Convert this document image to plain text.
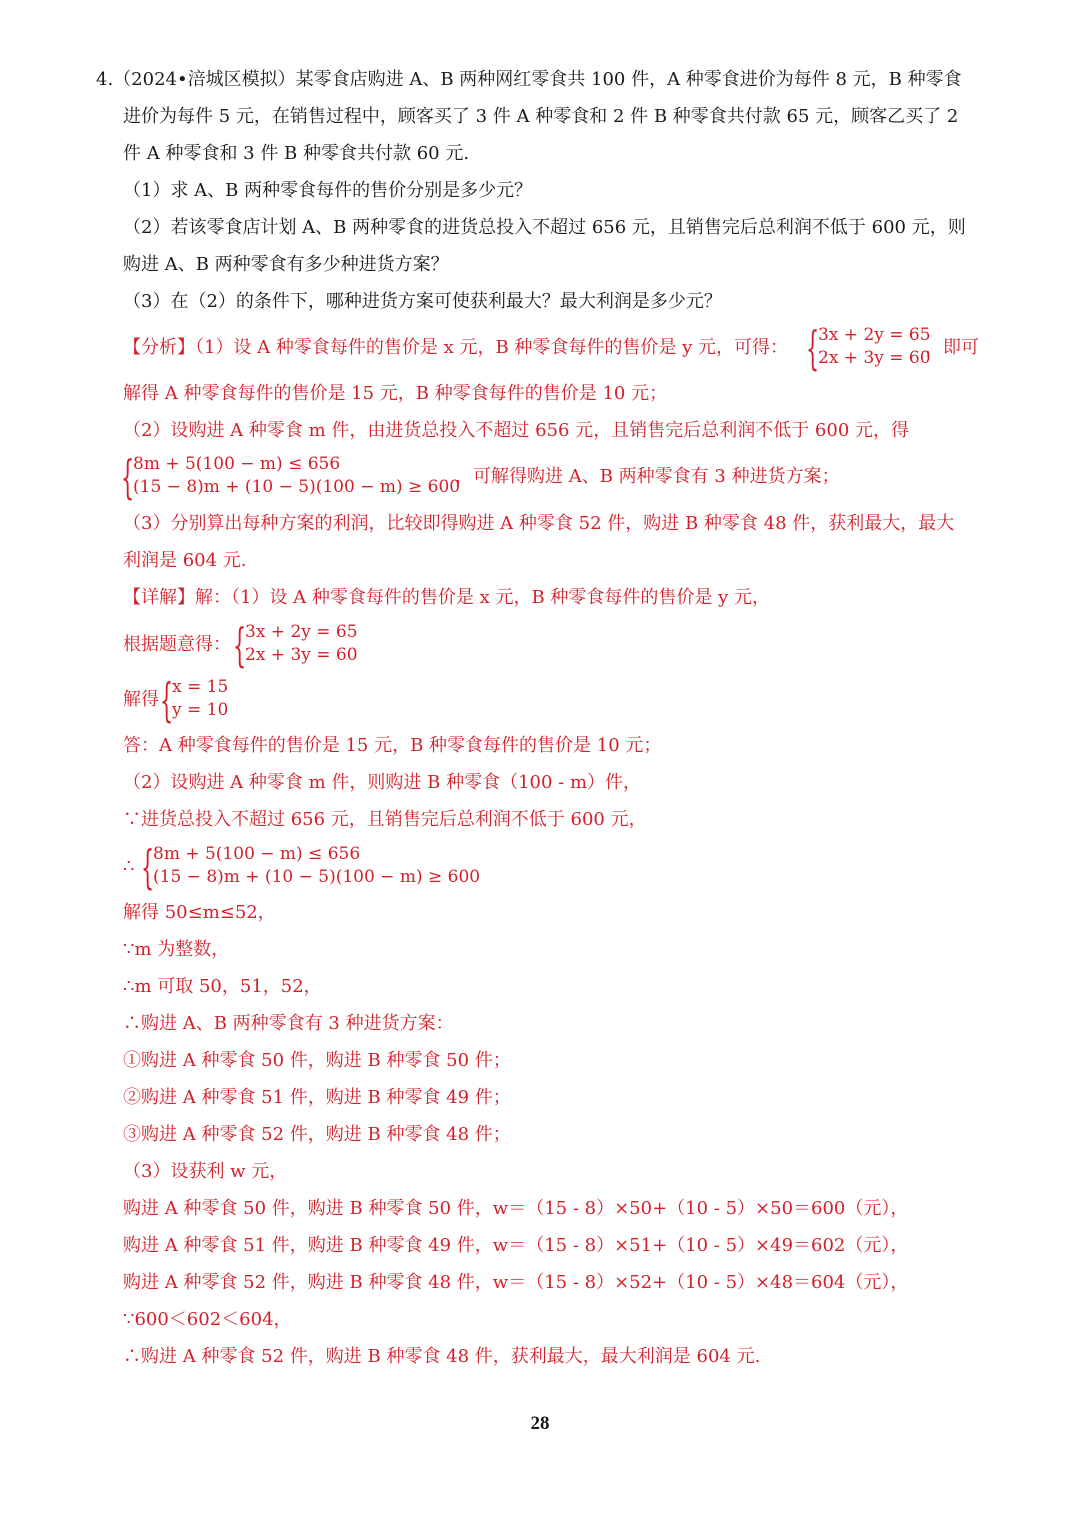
4.（2024•涪城区模拟）某零食店购进 A、B 两种网红零食共 100 件，A 种零食进价为每件 8 元，B 种零食
进价为每件 5 元，在销售过程中，顾客买了 3 件 A 种零食和 2 件 B 种零食共付款 65 元，顾客乙买了 2
件 A 种零食和 3 件 B 种零食共付款 60 元.
（1）求 A、B 两种零食每件的售价分别是多少元？
（2）若该零食店计划 A、B 两种零食的进货总投入不超过 656 元，且销售完后总利润不低于 600 元，则
购进 A、B 两种零食有多少种进货方案？
（3）在（2）的条件下，哪种进货方案可使获利最大？最大利润是多少元？
【分析】（1）设 A 种零食每件的售价是 x 元，B 种零食每件的售价是 y 元，可得： {
3x + 2y = 65
2x + 3y = 60
，即可
解得 A 种零食每件的售价是 15 元，B 种零食每件的售价是 10 元；
（2）设购进 A 种零食 m 件，由进货总投入不超过 656 元，且销售完后总利润不低于 600 元，得
{
8m + 5(100 − m) ≤ 656
(15 − 8)m + (10 − 5)(100 − m) ≥ 600
，可解得购进 A、B 两种零食有 3 种进货方案；
（3）分别算出每种方案的利润，比较即得购进 A 种零食 52 件，购进 B 种零食 48 件，获利最大，最大
利润是 604 元.
【详解】解：（1）设 A 种零食每件的售价是 x 元，B 种零食每件的售价是 y 元，
根据题意得： {
3x + 2y = 65
2x + 3y = 60
解得 {
x = 15
y = 10
答：A 种零食每件的售价是 15 元，B 种零食每件的售价是 10 元；
（2）设购进 A 种零食 m 件，则购进 B 种零食（100 - m）件，
∵进货总投入不超过 656 元，且销售完后总利润不低于 600 元，
∴ {
8m + 5(100 − m) ≤ 656
(15 − 8)m + (10 − 5)(100 − m) ≥ 600
解得 50≤m≤52，
∵m 为整数，
∴m 可取 50，51，52，
∴购进 A、B 两种零食有 3 种进货方案：
①购进 A 种零食 50 件，购进 B 种零食 50 件；
②购进 A 种零食 51 件，购进 B 种零食 49 件；
③购进 A 种零食 52 件，购进 B 种零食 48 件；
（3）设获利 w 元，
购进 A 种零食 50 件，购进 B 种零食 50 件，w＝（15 - 8）×50+（10 - 5）×50＝600（元），
购进 A 种零食 51 件，购进 B 种零食 49 件，w＝（15 - 8）×51+（10 - 5）×49＝602（元），
购进 A 种零食 52 件，购进 B 种零食 48 件，w＝（15 - 8）×52+（10 - 5）×48＝604（元），
∵600＜602＜604，
∴购进 A 种零食 52 件，购进 B 种零食 48 件，获利最大，最大利润是 604 元.
28
